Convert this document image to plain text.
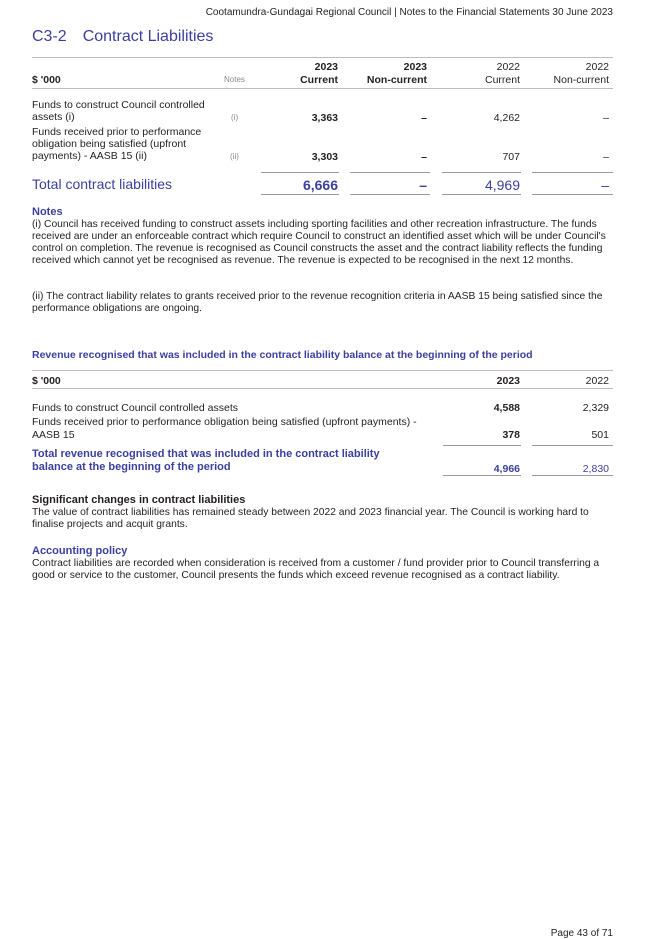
Cootamundra-Gundagai Regional Council | Notes to the Financial Statements 30 June 2023
C3-2 Contract Liabilities
2023	2023	2022	2022
$ '000	Notes	Current	Non-current	Current	Non-current
Funds to construct Council controlled
assets (i)	(i)	3,363	–	4,262	–
Funds received prior to performance
obligation being satisfied (upfront
payments) - AASB 15 (ii)	(ii)	3,303	–	707	–
Total contract liabilities	6,666	–	4,969	–
Notes
(i) Council has received funding to construct assets including sporting facilities and other recreation infrastructure. The funds received are under an enforceable contract which require Council to construct an identified asset which will be under Council's control on completion. The revenue is recognised as Council constructs the asset and the contract liability reflects the funding received which cannot yet be recognised as revenue. The revenue is expected to be recognised in the next 12 months.
(ii) The contract liability relates to grants received prior to the revenue recognition criteria in AASB 15 being satisfied since the performance obligations are ongoing.
Revenue recognised that was included in the contract liability balance at the beginning of the period
$ '000	2023	2022
Funds to construct Council controlled assets	4,588	2,329
Funds received prior to performance obligation being satisfied (upfront payments) -
AASB 15	378	501
Total revenue recognised that was included in the contract liability
balance at the beginning of the period	4,966	2,830
Significant changes in contract liabilities
The value of contract liabilities has remained steady between 2022 and 2023 financial year. The Council is working hard to finalise projects and acquit grants.
Accounting policy
Contract liabilities are recorded when consideration is received from a customer / fund provider prior to Council transferring a good or service to the customer, Council presents the funds which exceed revenue recognised as a contract liability.
Page 43 of 71
